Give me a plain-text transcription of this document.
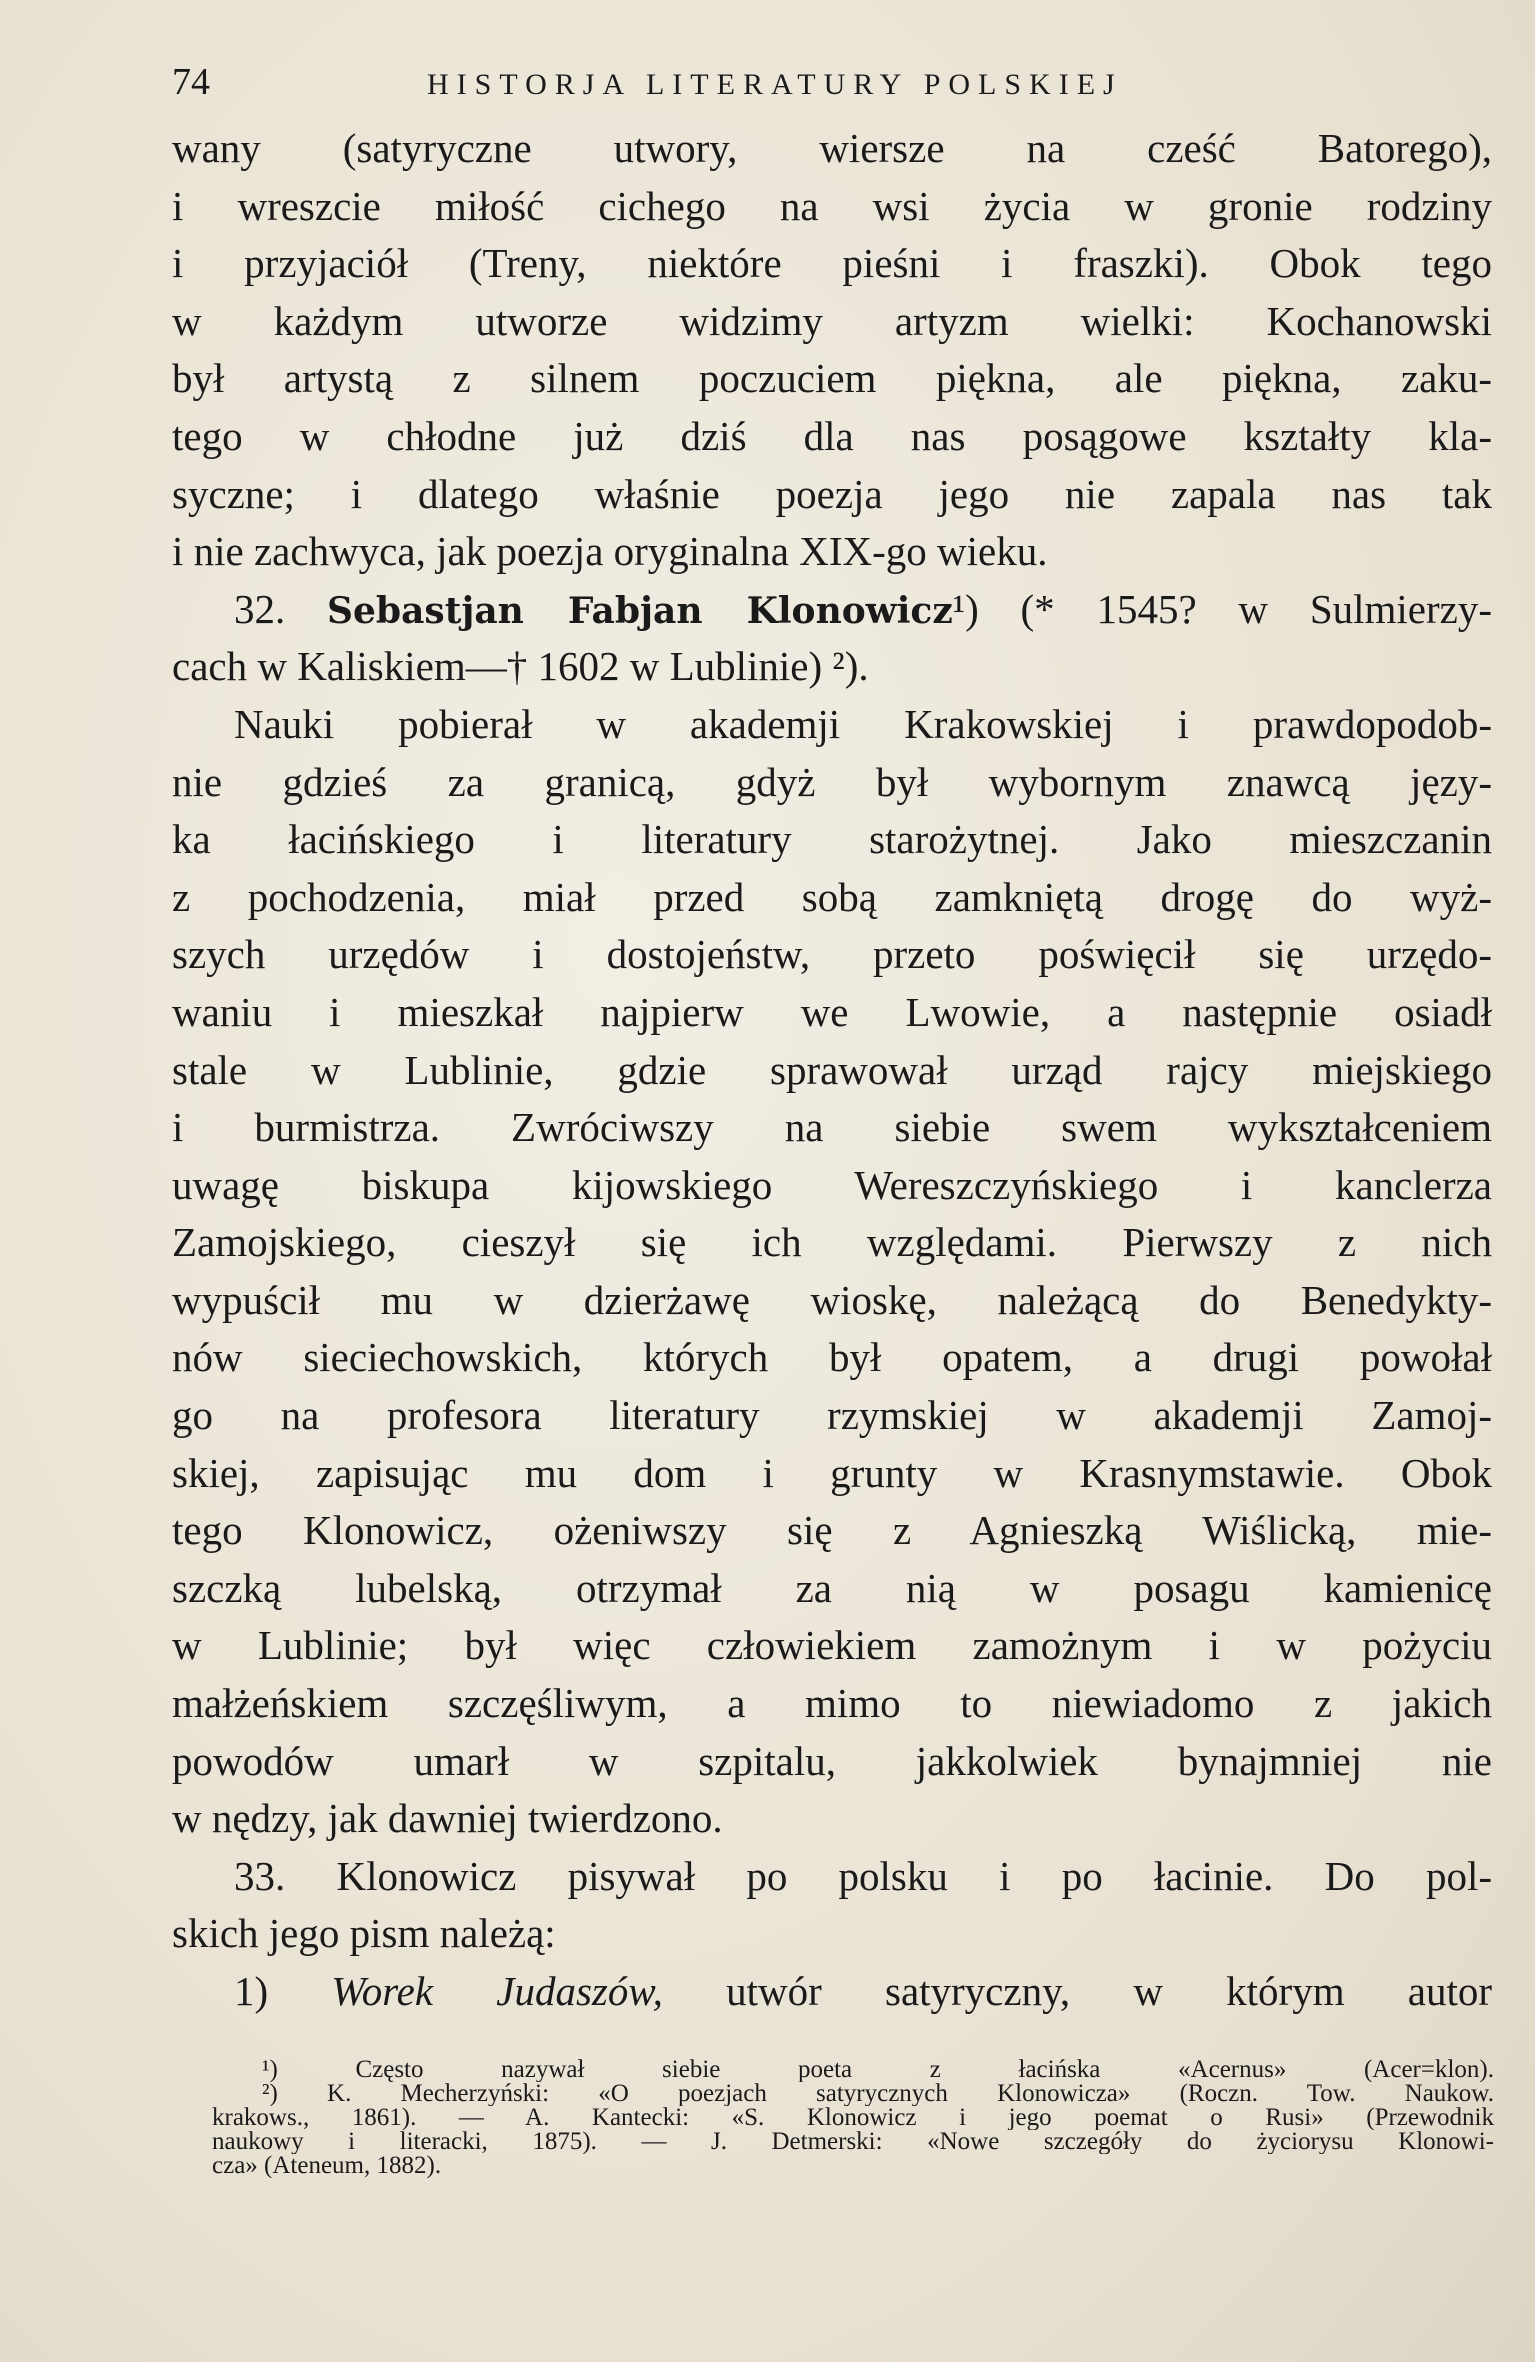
74	HISTORJA LITERATURY POLSKIEJ
wany (satyryczne utwory, wiersze na cześć Batorego),
i wreszcie miłość cichego na wsi życia w gronie rodziny
i przyjaciół (Treny, niektóre pieśni i fraszki). Obok tego
w każdym utworze widzimy artyzm wielki: Kochanowski
był artystą z silnem poczuciem piękna, ale piękna, zaku-
tego w chłodne już dziś dla nas posągowe kształty kla-
syczne; i dlatego właśnie poezja jego nie zapala nas tak
i nie zachwyca, jak poezja oryginalna XIX-go wieku.
32. Sebastjan Fabjan Klonowicz¹) (* 1545? w Sulmierzy-
cach w Kaliskiem—† 1602 w Lublinie) ²).
Nauki pobierał w akademji Krakowskiej i prawdopodob-
nie gdzieś za granicą, gdyż był wybornym znawcą języ-
ka łacińskiego i literatury starożytnej. Jako mieszczanin
z pochodzenia, miał przed sobą zamkniętą drogę do wyż-
szych urzędów i dostojeństw, przeto poświęcił się urzędo-
waniu i mieszkał najpierw we Lwowie, a następnie osiadł
stale w Lublinie, gdzie sprawował urząd rajcy miejskiego
i burmistrza. Zwróciwszy na siebie swem wykształceniem
uwagę biskupa kijowskiego Wereszczyńskiego i kanclerza
Zamojskiego, cieszył się ich względami. Pierwszy z nich
wypuścił mu w dzierżawę wioskę, należącą do Benedykty-
nów sieciechowskich, których był opatem, a drugi powołał
go na profesora literatury rzymskiej w akademji Zamoj-
skiej, zapisując mu dom i grunty w Krasnymstawie. Obok
tego Klonowicz, ożeniwszy się z Agnieszką Wiślicką, mie-
szczką lubelską, otrzymał za nią w posagu kamienicę
w Lublinie; był więc człowiekiem zamożnym i w pożyciu
małżeńskiem szczęśliwym, a mimo to niewiadomo z jakich
powodów umarł w szpitalu, jakkolwiek bynajmniej nie
w nędzy, jak dawniej twierdzono.
33. Klonowicz pisywał po polsku i po łacinie. Do pol-
skich jego pism należą:
1) Worek Judaszów, utwór satyryczny, w którym autor
¹) Często nazywał siebie poeta z łacińska «Acernus» (Acer=klon).
²) K. Mecherzyński: «O poezjach satyrycznych Klonowicza» (Roczn. Tow. Naukow.
krakows., 1861). — A. Kantecki: «S. Klonowicz i jego poemat o Rusi» (Przewodnik
naukowy i literacki, 1875). — J. Detmerski: «Nowe szczegóły do życiorysu Klonowi-
cza» (Ateneum, 1882).
